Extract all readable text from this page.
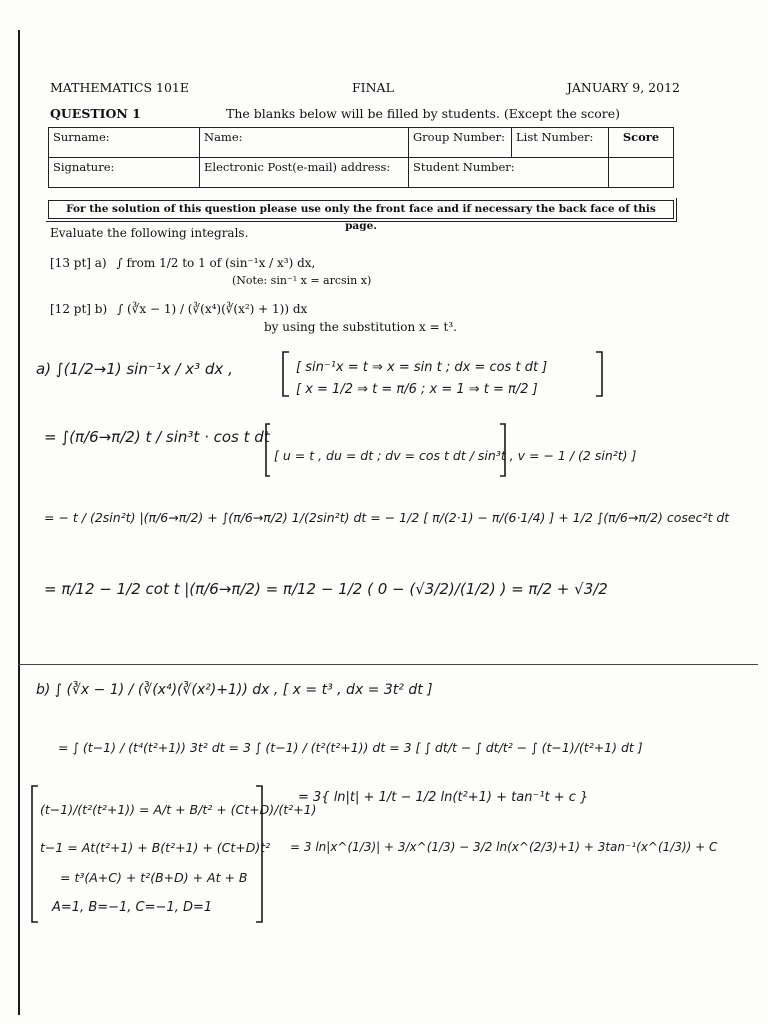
MATHEMATICS 101E	FINAL	JANUARY 9, 2012
QUESTION 1	The blanks below will be filled by students. (Except the score)
Surname:	Name:	Group Number:	List Number:	Score
Signature:	Electronic Post(e-mail) address:	Student Number:		
For the solution of this question please use only the front face and if necessary the back face of this page.
Evaluate the following integrals.
[13 pt] a) ∫ from 1/2 to 1 of (sin⁻¹x / x³) dx,
(Note: sin⁻¹ x = arcsin x)
[12 pt] b) ∫ (∛x − 1) / (∛(x⁴)(∛(x²) + 1)) dx
by using the substitution x = t³.
a) ∫(1/2→1) sin⁻¹x / x³ dx ,	[ sin⁻¹x = t ⇒ x = sin t ; dx = cos t dt ]
[ x = 1/2 ⇒ t = π/6 ; x = 1 ⇒ t = π/2 ]
= ∫(π/6→π/2) t / sin³t · cos t dt
[ u = t , du = dt ; dv = cos t dt / sin³t , v = − 1 / (2 sin²t) ]
= − t / (2sin²t) |(π/6→π/2) + ∫(π/6→π/2) 1/(2sin²t) dt = − 1/2 [ π/(2·1) − π/(6·1/4) ] + 1/2 ∫(π/6→π/2) cosec²t dt
= π/12 − 1/2 cot t |(π/6→π/2) = π/12 − 1/2 ( 0 − (√3/2)/(1/2) ) = π/2 + √3/2
b) ∫ (∛x − 1) / (∛(x⁴)(∛(x²)+1)) dx , [ x = t³ , dx = 3t² dt ]
= ∫ (t−1) / (t⁴(t²+1)) 3t² dt = 3 ∫ (t−1) / (t²(t²+1)) dt = 3 [ ∫ dt/t − ∫ dt/t² − ∫ (t−1)/(t²+1) dt ]
(t−1)/(t²(t²+1)) = A/t + B/t² + (Ct+D)/(t²+1)
t−1 = At(t²+1) + B(t²+1) + (Ct+D)t²
= t³(A+C) + t²(B+D) + At + B
A=1, B=−1, C=−1, D=1
= 3{ ln|t| + 1/t − 1/2 ln(t²+1) + tan⁻¹t + c }
= 3 ln|x^(1/3)| + 3/x^(1/3) − 3/2 ln(x^(2/3)+1) + 3tan⁻¹(x^(1/3)) + C
